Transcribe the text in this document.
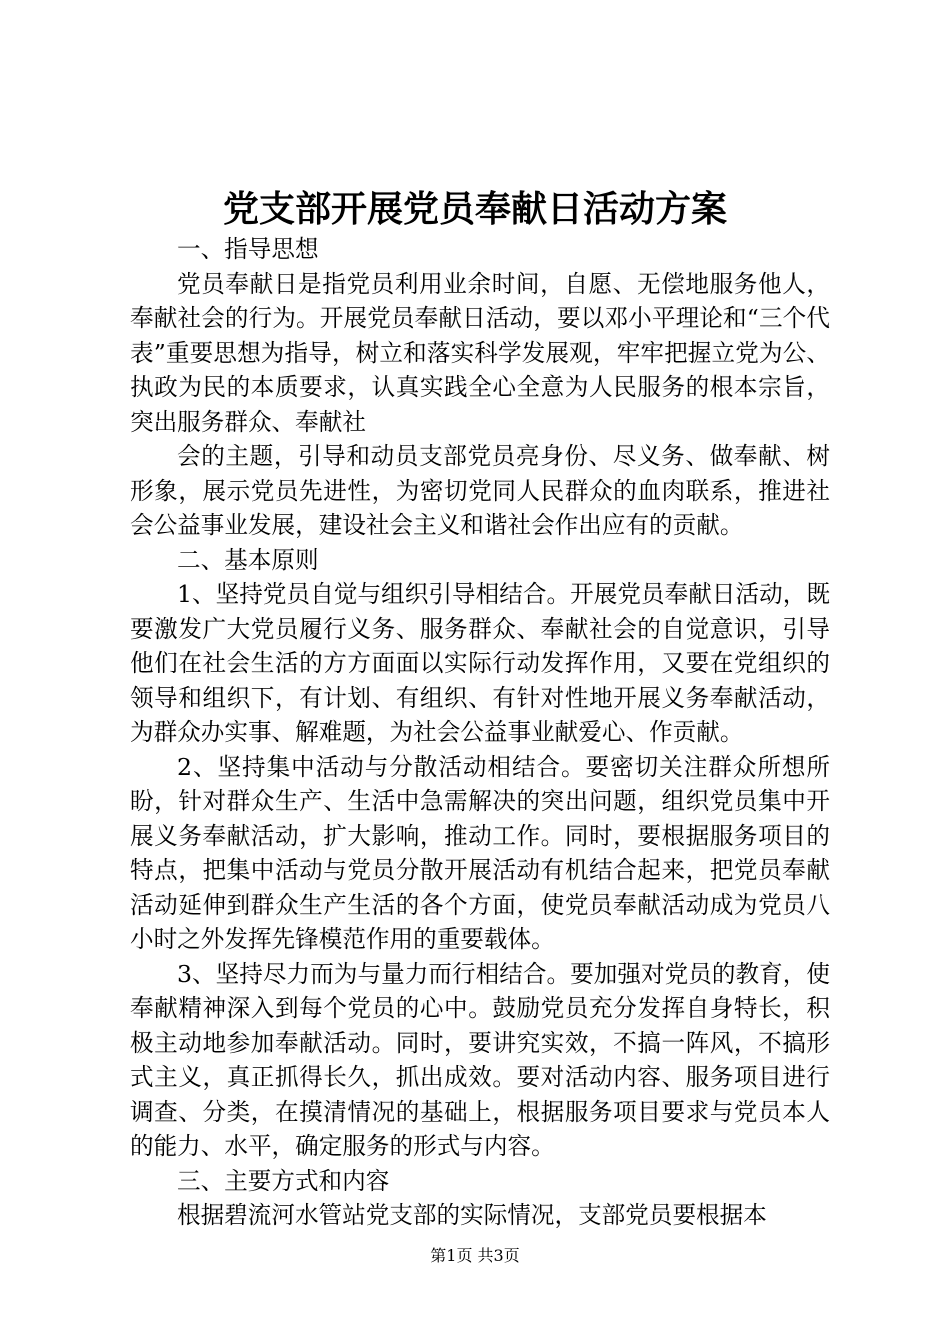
党支部开展党员奉献日活动方案

一、指导思想

党员奉献日是指党员利用业余时间，自愿、无偿地服务他人，奉献社会的行为。开展党员奉献日活动，要以邓小平理论和“三个代表”重要思想为指导，树立和落实科学发展观，牢牢把握立党为公、执政为民的本质要求，认真实践全心全意为人民服务的根本宗旨，突出服务群众、奉献社

会的主题，引导和动员支部党员亮身份、尽义务、做奉献、树形象，展示党员先进性，为密切党同人民群众的血肉联系，推进社会公益事业发展，建设社会主义和谐社会作出应有的贡献。

二、基本原则

1、坚持党员自觉与组织引导相结合。开展党员奉献日活动，既要激发广大党员履行义务、服务群众、奉献社会的自觉意识，引导他们在社会生活的方方面面以实际行动发挥作用，又要在党组织的领导和组织下，有计划、有组织、有针对性地开展义务奉献活动，为群众办实事、解难题，为社会公益事业献爱心、作贡献。

2、坚持集中活动与分散活动相结合。要密切关注群众所想所盼，针对群众生产、生活中急需解决的突出问题，组织党员集中开展义务奉献活动，扩大影响，推动工作。同时，要根据服务项目的特点，把集中活动与党员分散开展活动有机结合起来，把党员奉献活动延伸到群众生产生活的各个方面，使党员奉献活动成为党员八小时之外发挥先锋模范作用的重要载体。

3、坚持尽力而为与量力而行相结合。要加强对党员的教育，使奉献精神深入到每个党员的心中。鼓励党员充分发挥自身特长，积极主动地参加奉献活动。同时，要讲究实效，不搞一阵风，不搞形式主义，真正抓得长久，抓出成效。要对活动内容、服务项目进行调查、分类，在摸清情况的基础上，根据服务项目要求与党员本人的能力、水平，确定服务的形式与内容。

三、主要方式和内容

根据碧流河水管站党支部的实际情况，支部党员要根据本

第1页 共3页
